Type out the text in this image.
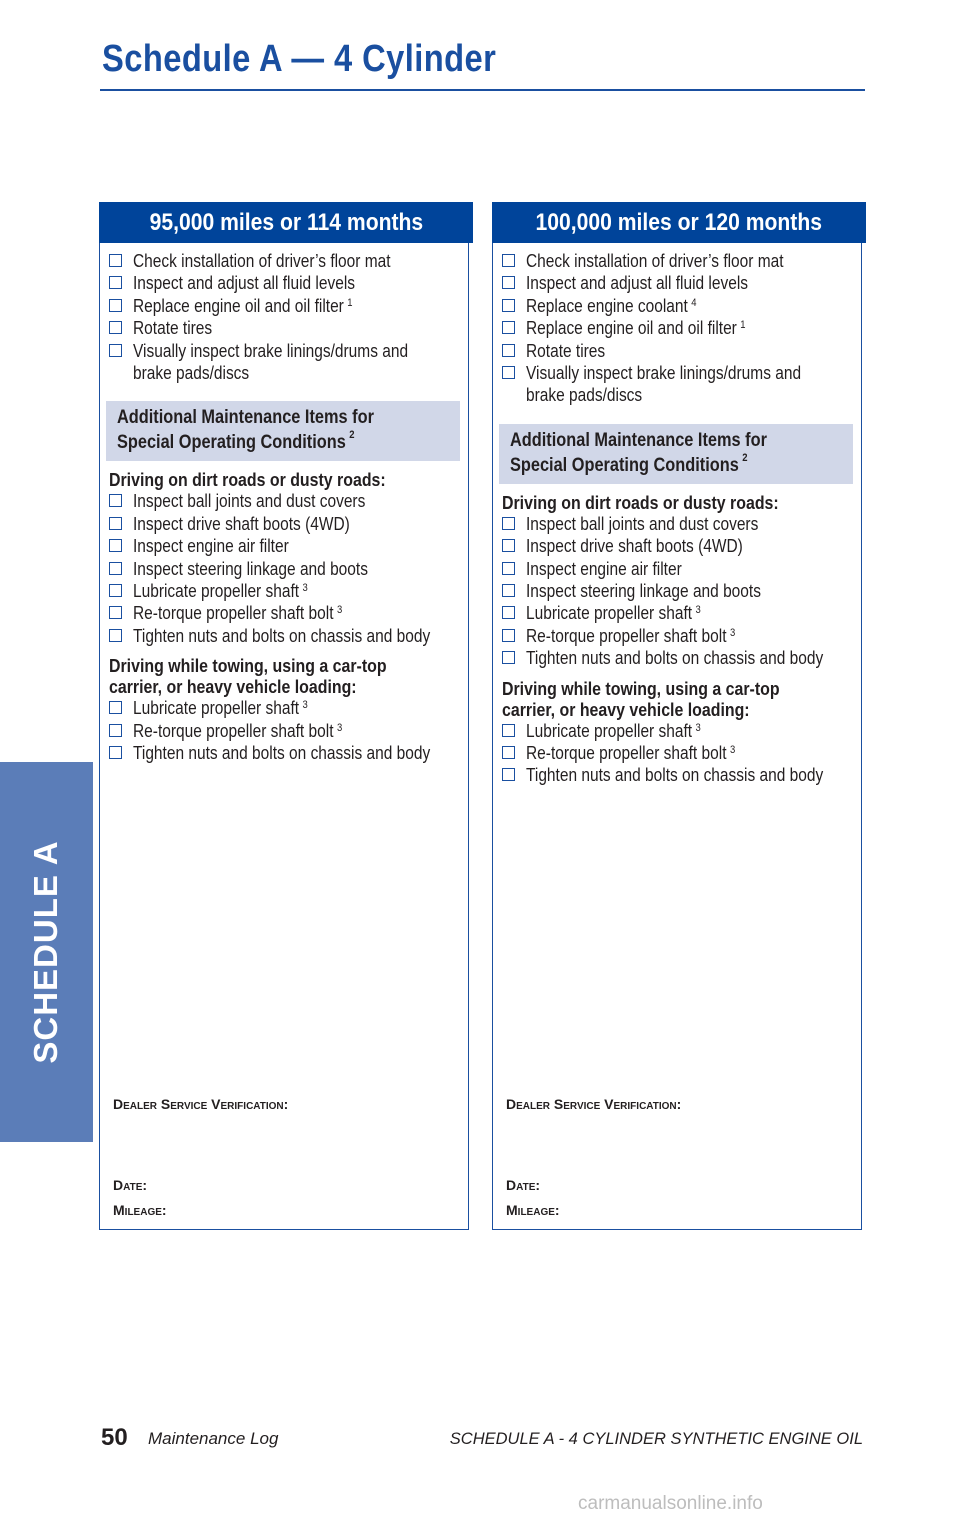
Schedule A — 4 Cylinder
SCHEDULE A
95,000 miles or 114 months
Check installation of driver’s floor mat
Inspect and adjust all fluid levels
Replace engine oil and oil filter $^1$
Rotate tires
Visually inspect brake linings/drums and
brake pads/discs
Additional Maintenance Items for
Special Operating Conditions $^2$
Driving on dirt roads or dusty roads:
Inspect ball joints and dust covers
Inspect drive shaft boots (4WD)
Inspect engine air filter
Inspect steering linkage and boots
Lubricate propeller shaft $^3$
Re-torque propeller shaft bolt $^3$
Tighten nuts and bolts on chassis and body
Driving while towing, using a car-top
carrier, or heavy vehicle loading:
Lubricate propeller shaft $^3$
Re-torque propeller shaft bolt $^3$
Tighten nuts and bolts on chassis and body
Dealer Service Verification:
Date:
Mileage:
100,000 miles or 120 months
Check installation of driver’s floor mat
Inspect and adjust all fluid levels
Replace engine coolant $^4$
Replace engine oil and oil filter $^1$
Rotate tires
Visually inspect brake linings/drums and
brake pads/discs
Additional Maintenance Items for
Special Operating Conditions $^2$
Driving on dirt roads or dusty roads:
Inspect ball joints and dust covers
Inspect drive shaft boots (4WD)
Inspect engine air filter
Inspect steering linkage and boots
Lubricate propeller shaft $^3$
Re-torque propeller shaft bolt $^3$
Tighten nuts and bolts on chassis and body
Driving while towing, using a car-top
carrier, or heavy vehicle loading:
Lubricate propeller shaft $^3$
Re-torque propeller shaft bolt $^3$
Tighten nuts and bolts on chassis and body
Dealer Service Verification:
Date:
Mileage:
50 Maintenance Log	SCHEDULE A - 4 CYLINDER SYNTHETIC ENGINE OIL
carmanualsonline.info
